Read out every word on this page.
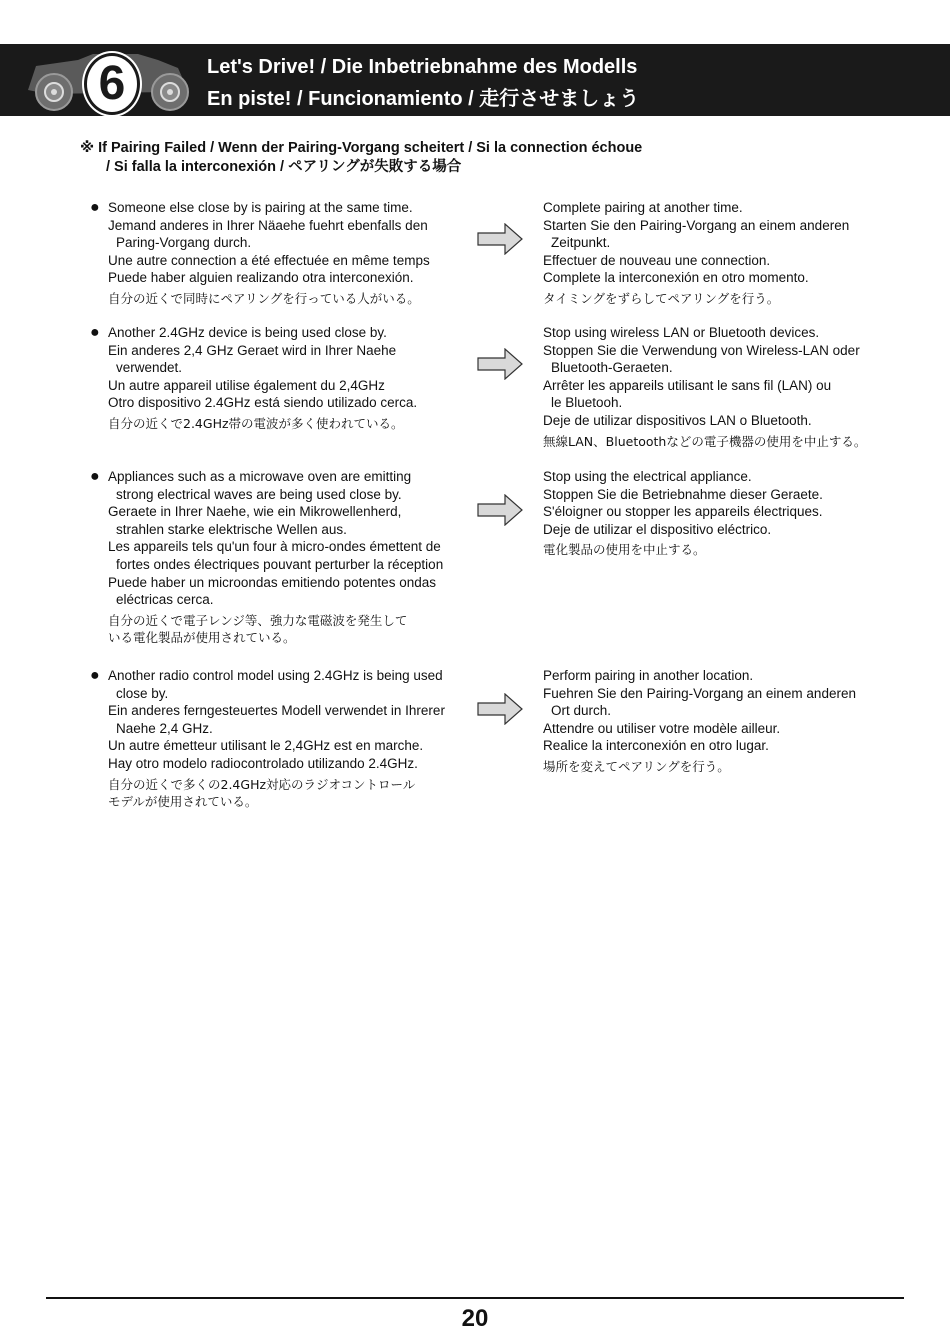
6	Let's Drive! / Die Inbetriebnahme des Modells
En piste! / Funcionamiento / 走行させましょう
※ If Pairing Failed / Wenn der Pairing-Vorgang scheitert / Si la connection échoue
/ Si falla la interconexión / ペアリングが失敗する場合
● Someone else close by is pairing at the same time.
Jemand anderes in Ihrer Näaehe fuehrt ebenfalls den
Paring-Vorgang durch.
Une autre connection a été effectuée en même temps
Puede haber alguien realizando otra interconexión.
自分の近くで同時にペアリングを行っている人がいる。
Complete pairing at another time.
Starten Sie den Pairing-Vorgang an einem anderen
Zeitpunkt.
Effectuer de nouveau une connection.
Complete la interconexión en otro momento.
タイミングをずらしてペアリングを行う。
● Another 2.4GHz device is being used close by.
Ein anderes 2,4 GHz Geraet wird in Ihrer Naehe
verwendet.
Un autre appareil utilise également du 2,4GHz
Otro dispositivo 2.4GHz está siendo utilizado cerca.
自分の近くで2.4GHz帯の電波が多く使われている。
Stop using wireless LAN or Bluetooth devices.
Stoppen Sie die Verwendung von Wireless-LAN oder
Bluetooth-Geraeten.
Arrêter les appareils utilisant le sans fil (LAN) ou
le Bluetooh.
Deje de utilizar dispositivos LAN o Bluetooth.
無線LAN、Bluetoothなどの電子機器の使用を中止する。
● Appliances such as a microwave oven are emitting
strong electrical waves are being used close by.
Geraete in Ihrer Naehe, wie ein Mikrowellenherd,
strahlen starke elektrische Wellen aus.
Les appareils tels qu'un four à micro-ondes émettent de
fortes ondes électriques pouvant perturber la réception
Puede haber un microondas emitiendo potentes ondas
eléctricas cerca.
自分の近くで電子レンジ等、強力な電磁波を発生して
いる電化製品が使用されている。
Stop using the electrical appliance.
Stoppen Sie die Betriebnahme dieser Geraete.
S'éloigner ou stopper les appareils électriques.
Deje de utilizar el dispositivo eléctrico.
電化製品の使用を中止する。
● Another radio control model using 2.4GHz is being used
close by.
Ein anderes ferngesteuertes Modell verwendet in Ihrerer
Naehe 2,4 GHz.
Un autre émetteur utilisant le 2,4GHz est en marche.
Hay otro modelo radiocontrolado utilizando 2.4GHz.
自分の近くで多くの2.4GHz対応のラジオコントロール
モデルが使用されている。
Perform pairing in another location.
Fuehren Sie den Pairing-Vorgang an einem anderen
Ort durch.
Attendre ou utiliser votre modèle ailleur.
Realice la interconexión en otro lugar.
場所を変えてペアリングを行う。
20
